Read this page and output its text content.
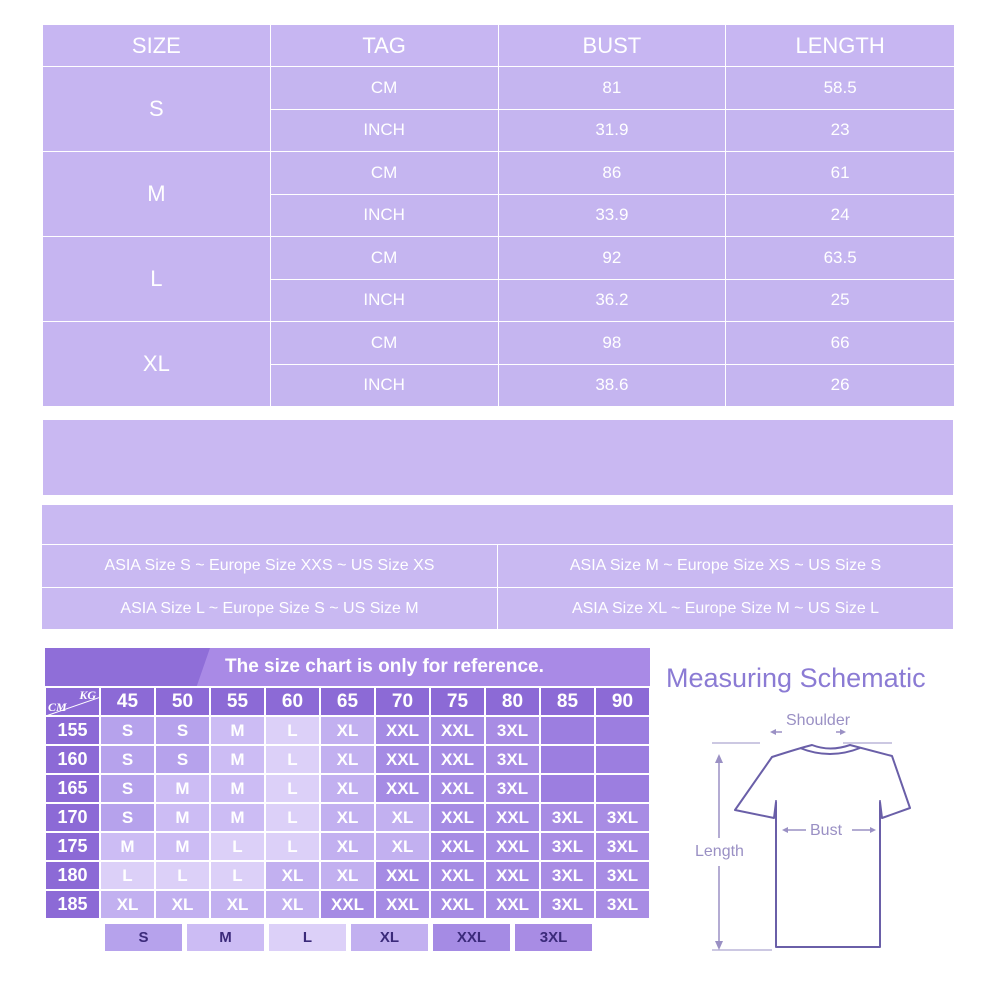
SIZE	TAG	BUST	LENGTH
S	CM	81	58.5
	INCH	31.9	23
M	CM	86	61
	INCH	33.9	24
L	CM	92	63.5
	INCH	36.2	25
XL	CM	98	66
	INCH	38.6	26
ASIA Size S ~ Europe Size XXS ~ US Size XS	ASIA Size M ~ Europe Size XS ~ US Size S
ASIA Size L ~ Europe Size S ~ US Size M	ASIA Size XL ~ Europe Size M ~ US Size L
The size chart is only for reference.
KG
CM	45	50	55	60	65	70	75	80	85	90
155	S	S	M	L	XL	XXL	XXL	3XL		
160	S	S	M	L	XL	XXL	XXL	3XL		
165	S	M	M	L	XL	XXL	XXL	3XL		
170	S	M	M	L	XL	XL	XXL	XXL	3XL	3XL
175	M	M	L	L	XL	XL	XXL	XXL	3XL	3XL
180	L	L	L	XL	XL	XXL	XXL	XXL	3XL	3XL
185	XL	XL	XL	XL	XXL	XXL	XXL	XXL	3XL	3XL
S	M	L	XL	XXL	3XL
Measuring Schematic
Shoulder
Length
Bust
